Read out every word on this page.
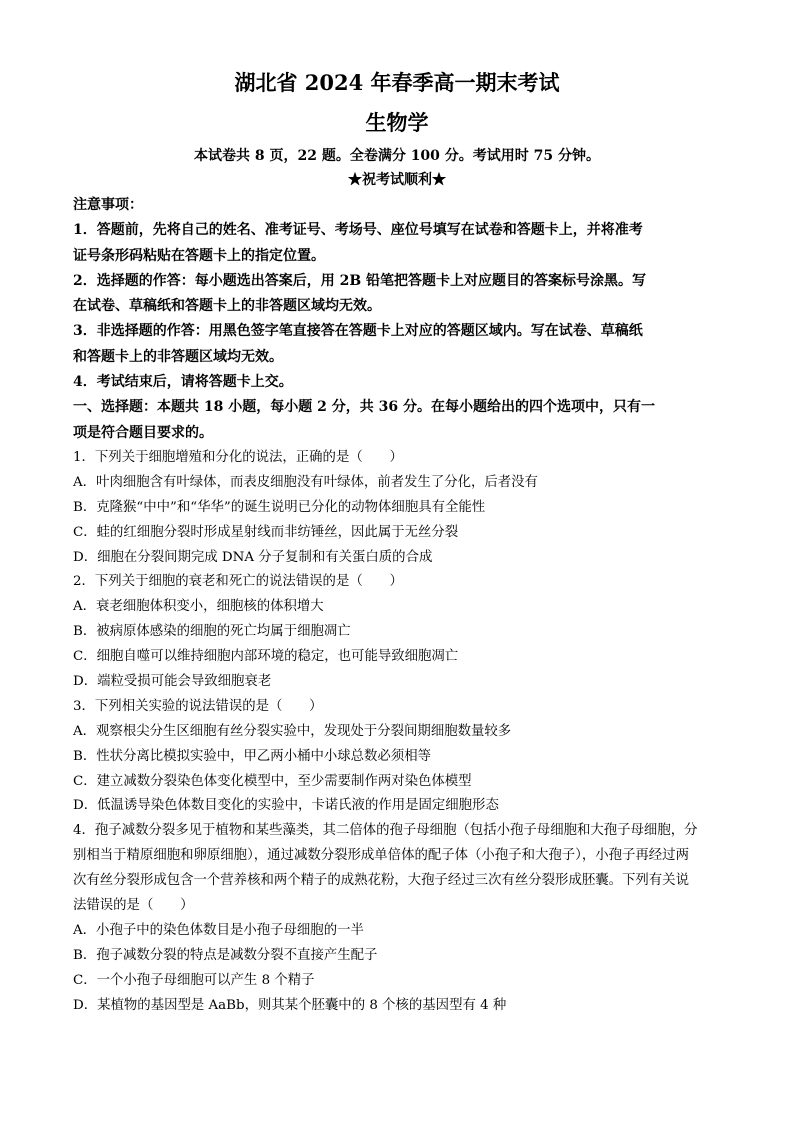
湖北省 2024 年春季高一期末考试
生物学
本试卷共 8 页，22 题。全卷满分 100 分。考试用时 75 分钟。
★祝考试顺利★
注意事项：
1．答题前，先将自己的姓名、准考证号、考场号、座位号填写在试卷和答题卡上，并将准考
证号条形码粘贴在答题卡上的指定位置。
2．选择题的作答：每小题选出答案后，用 2B 铅笔把答题卡上对应题目的答案标号涂黑。写
在试卷、草稿纸和答题卡上的非答题区域均无效。
3．非选择题的作答：用黑色签字笔直接答在答题卡上对应的答题区域内。写在试卷、草稿纸
和答题卡上的非答题区域均无效。
4．考试结束后，请将答题卡上交。
一、选择题：本题共 18 小题，每小题 2 分，共 36 分。在每小题给出的四个选项中，只有一
项是符合题目要求的。
1．下列关于细胞增殖和分化的说法，正确的是（　　）
A．叶肉细胞含有叶绿体，而表皮细胞没有叶绿体，前者发生了分化，后者没有
B．克隆猴“中中”和“华华”的诞生说明已分化的动物体细胞具有全能性
C．蛙的红细胞分裂时形成星射线而非纺锤丝，因此属于无丝分裂
D．细胞在分裂间期完成 DNA 分子复制和有关蛋白质的合成
2．下列关于细胞的衰老和死亡的说法错误的是（　　）
A．衰老细胞体积变小，细胞核的体积增大
B．被病原体感染的细胞的死亡均属于细胞凋亡
C．细胞自噬可以维持细胞内部环境的稳定，也可能导致细胞凋亡
D．端粒受损可能会导致细胞衰老
3．下列相关实验的说法错误的是（　　）
A．观察根尖分生区细胞有丝分裂实验中，发现处于分裂间期细胞数量较多
B．性状分离比模拟实验中，甲乙两小桶中小球总数必须相等
C．建立减数分裂染色体变化模型中，至少需要制作两对染色体模型
D．低温诱导染色体数目变化的实验中，卡诺氏液的作用是固定细胞形态
4．孢子减数分裂多见于植物和某些藻类，其二倍体的孢子母细胞（包括小孢子母细胞和大孢子母细胞，分
别相当于精原细胞和卵原细胞），通过减数分裂形成单倍体的配子体（小孢子和大孢子），小孢子再经过两
次有丝分裂形成包含一个营养核和两个精子的成熟花粉，大孢子经过三次有丝分裂形成胚囊。下列有关说
法错误的是（　　）
A．小孢子中的染色体数目是小孢子母细胞的一半
B．孢子减数分裂的特点是减数分裂不直接产生配子
C．一个小孢子母细胞可以产生 8 个精子
D．某植物的基因型是 AaBb，则其某个胚囊中的 8 个核的基因型有 4 种
